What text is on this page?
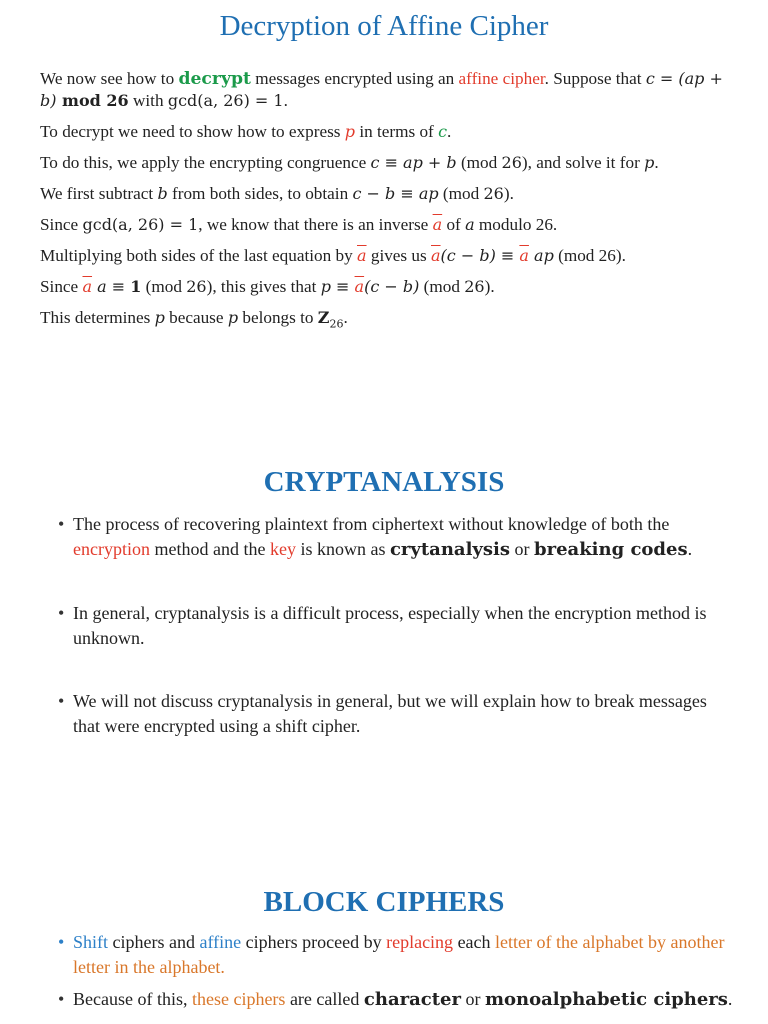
Decryption of Affine Cipher

We now see how to decrypt messages encrypted using an affine cipher. Suppose that c = (ap + b) mod 26 with gcd(a, 26) = 1.

To decrypt we need to show how to express p in terms of c.

To do this, we apply the encrypting congruence c ≡ ap + b (mod 26), and solve it for p.

We first subtract b from both sides, to obtain c − b ≡ ap (mod 26).

Since gcd(a, 26) = 1, we know that there is an inverse $\overline{a}$ of a modulo 26.

Multiplying both sides of the last equation by $\overline{a}$ gives us $\overline{a}(c - b) \equiv \overline{a}$ ap (mod 26).

Since $\overline{a}$ a ≡ 1 (mod 26), this gives that $p \equiv \overline{a}(c - b)$ (mod 26).

This determines p because p belongs to $Z_{26}$.

CRYPTANALYSIS
• The process of recovering plaintext from ciphertext without knowledge of both the encryption method and the key is known as crytanalysis or breaking codes.
• In general, cryptanalysis is a difficult process, especially when the encryption method is unknown.
• We will not discuss cryptanalysis in general, but we will explain how to break messages that were encrypted using a shift cipher.
BLOCK CIPHERS
• Shift ciphers and affine ciphers proceed by replacing each letter of the alphabet by another letter in the alphabet.
• Because of this, these ciphers are called character or monoalphabetic ciphers.
